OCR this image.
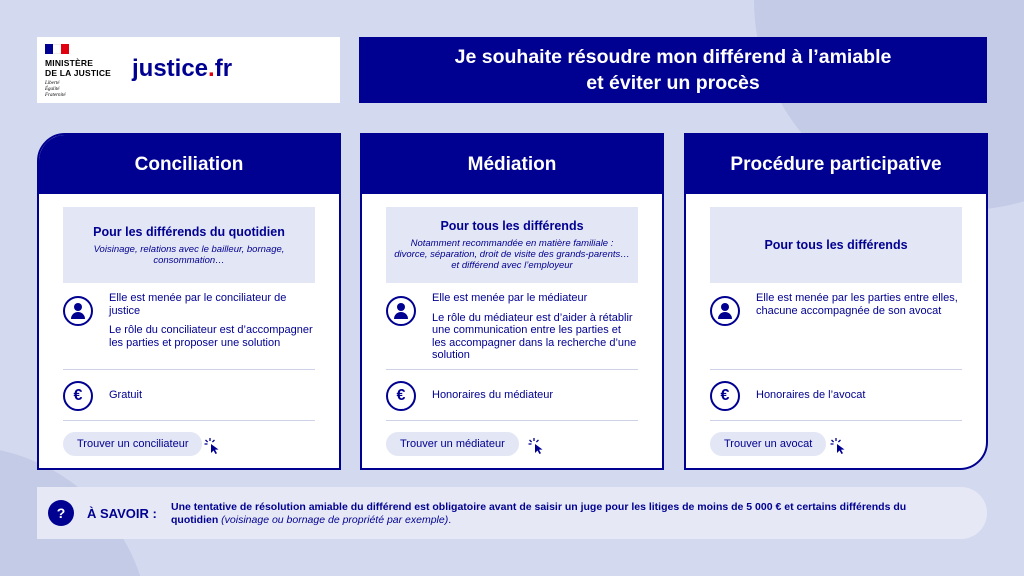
MINISTÈRE
DE LA JUSTICE
Liberté
Égalité
Fraternité
justice.fr	Je souhaite résoudre mon différend à l’amiable
et éviter un procès
Conciliation
Pour les différends du quotidien
Voisinage, relations avec le bailleur, bornage, consommation…

Elle est menée par le conciliateur de justice

Le rôle du conciliateur est d’accompagner les parties et proposer une solution

€	Gratuit
Trouver un conciliateur
Médiation
Pour tous les différends
Notamment recommandée en matière familiale : divorce, séparation, droit de visite des grands-parents… et différend avec l’employeur

Elle est menée par le médiateur

Le rôle du médiateur est d’aider à rétablir une communication entre les parties et les accompagner dans la recherche d’une solution

€	Honoraires du médiateur
Trouver un médiateur
Procédure participative
Pour tous les différends

Elle est menée par les parties entre elles, chacune accompagnée de son avocat

€	Honoraires de l’avocat
Trouver un avocat
?	À SAVOIR : Une tentative de résolution amiable du différend est obligatoire avant de saisir un juge pour les litiges de moins de 5 000 € et certains différends du quotidien (voisinage ou bornage de propriété par exemple).
